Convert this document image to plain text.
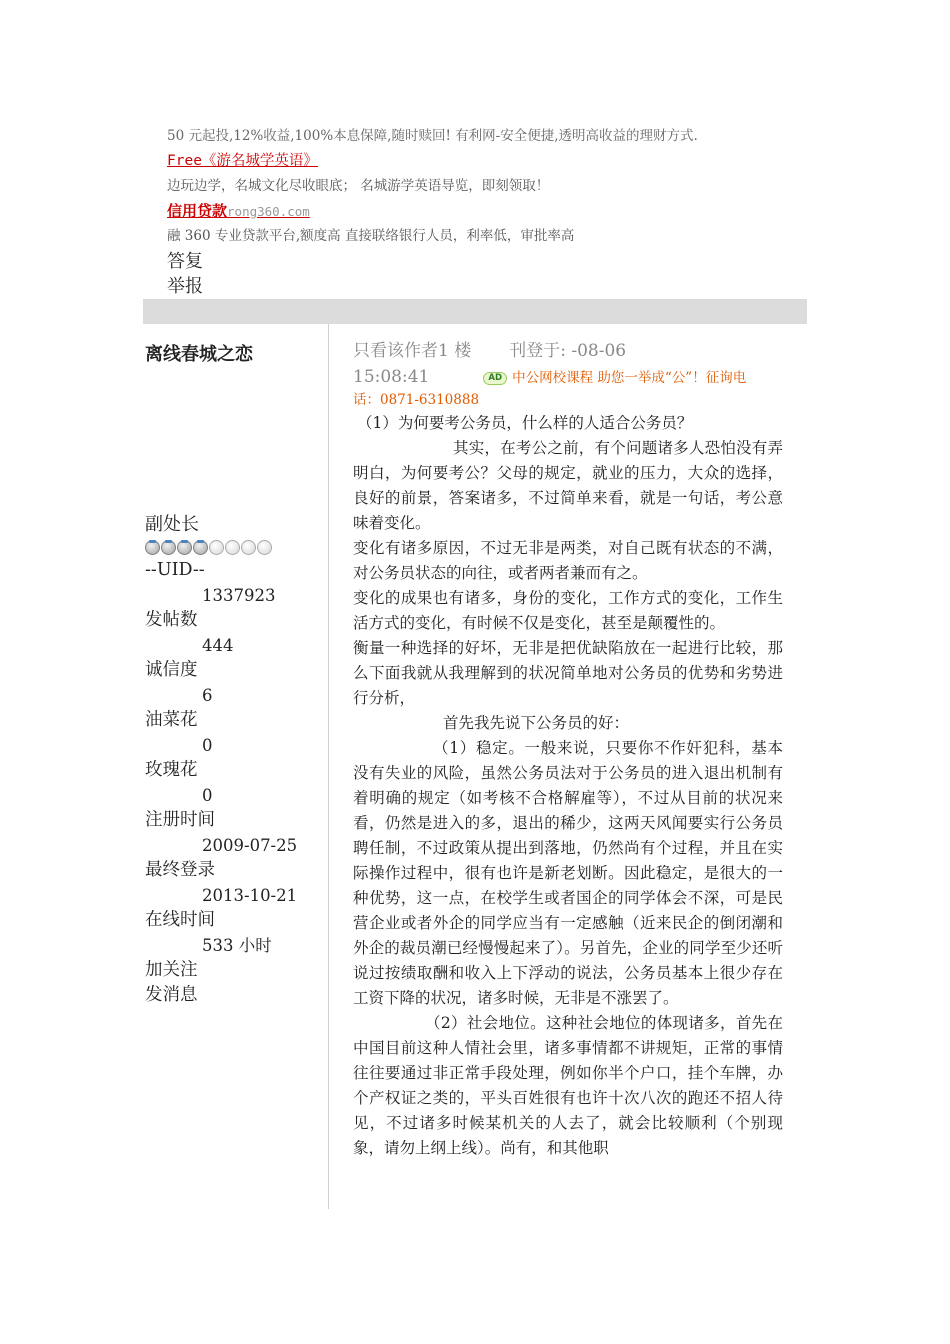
50 元起投,12%收益,100%本息保障,随时赎回! 有利网-安全便捷,透明高收益的理财方式.
Free《游名城学英语》
边玩边学，名城文化尽收眼底； 名城游学英语导览，即刻领取！
信用贷款rong360.com
融 360 专业贷款平台,额度高 直接联络银行人员，利率低，审批率高
答复
举报
离线春城之恋
副处长
--UID--
1337923
发帖数
444
诚信度
6
油菜花
0
玫瑰花
0
注册时间
2009-07-25
最终登录
2013-10-21
在线时间
533 小时
加关注
发消息
只看该作者1 楼 刊登于: -08-06
15:08:41	AD 中公网校课程 助您一举成“公”！征询电
话：0871-6310888

（1）为何要考公务员，什么样的人适合公务员？

其实，在考公之前，有个问题诸多人恐怕没有弄明白，为何要考公？父母的规定，就业的压力，大众的选择，良好的前景，答案诸多，不过简单来看，就是一句话，考公意味着变化。

变化有诸多原因，不过无非是两类，对自己既有状态的不满，对公务员状态的向往，或者两者兼而有之。

变化的成果也有诸多，身份的变化，工作方式的变化，工作生活方式的变化，有时候不仅是变化，甚至是颠覆性的。

衡量一种选择的好坏，无非是把优缺陷放在一起进行比较，那么下面我就从我理解到的状况简单地对公务员的优势和劣势进行分析，

首先我先说下公务员的好：

（1）稳定。一般来说，只要你不作奸犯科，基本没有失业的风险，虽然公务员法对于公务员的进入退出机制有着明确的规定（如考核不合格解雇等），不过从目前的状况来看，仍然是进入的多，退出的稀少，这两天风闻要实行公务员聘任制，不过政策从提出到落地，仍然尚有个过程，并且在实际操作过程中，很有也许是新老划断。因此稳定，是很大的一种优势，这一点，在校学生或者国企的同学体会不深，可是民营企业或者外企的同学应当有一定感触（近来民企的倒闭潮和外企的裁员潮已经慢慢起来了）。另首先，企业的同学至少还听说过按绩取酬和收入上下浮动的说法，公务员基本上很少存在工资下降的状况，诸多时候，无非是不涨罢了。

（2）社会地位。这种社会地位的体现诸多，首先在中国目前这种人情社会里，诸多事情都不讲规矩，正常的事情往往要通过非正常手段处理，例如你半个户口，挂个车牌，办个产权证之类的，平头百姓很有也许十次八次的跑还不招人待见，不过诸多时候某机关的人去了，就会比较顺利（个别现象，请勿上纲上线）。尚有，和其他职
